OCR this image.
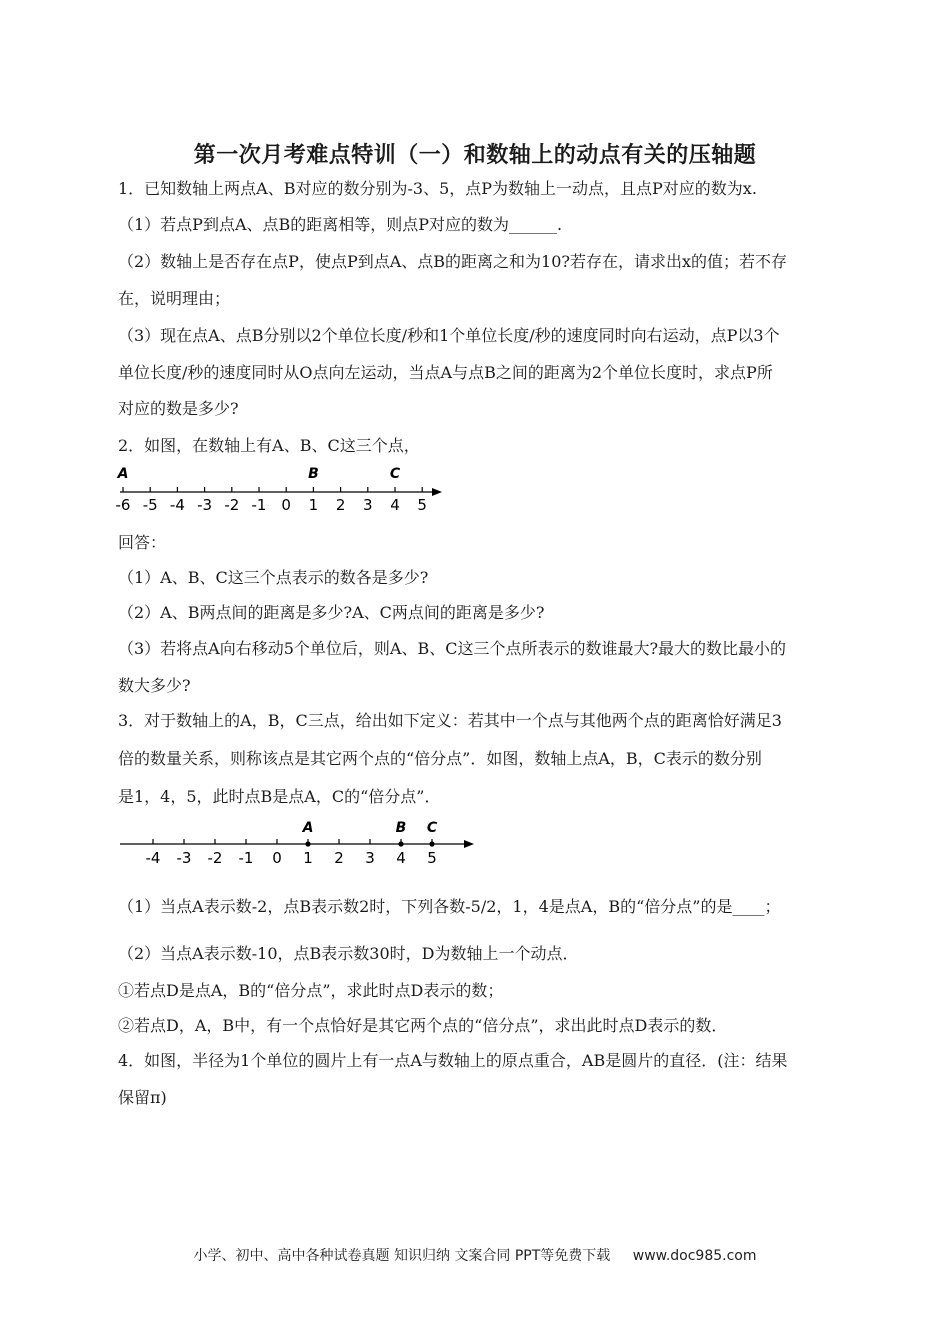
第一次月考难点特训（一）和数轴上的动点有关的压轴题
1．已知数轴上两点A、B对应的数分别为-3、5，点P为数轴上一动点，且点P对应的数为x.
（1）若点P到点A、点B的距离相等，则点P对应的数为______.
（2）数轴上是否存在点P，使点P到点A、点B的距离之和为10?若存在，请求出x的值；若不存
在，说明理由；
（3）现在点A、点B分别以2个单位长度/秒和1个单位长度/秒的速度同时向右运动，点P以3个
单位长度/秒的速度同时从O点向左运动，当点A与点B之间的距离为2个单位长度时，求点P所
对应的数是多少?
2．如图，在数轴上有A、B、C这三个点，
-6 -5 -4 -3 -2 -1 0 1 2 3 4 5
A	B	C
回答：
（1）A、B、C这三个点表示的数各是多少?
（2）A、B两点间的距离是多少?A、C两点间的距离是多少?
（3）若将点A向右移动5个单位后，则A、B、C这三个点所表示的数谁最大?最大的数比最小的
数大多少?
3．对于数轴上的A，B，C三点，给出如下定义：若其中一个点与其他两个点的距离恰好满足3
倍的数量关系，则称该点是其它两个点的“倍分点”．如图，数轴上点A，B，C表示的数分别
是1，4，5，此时点B是点A，C的“倍分点”．
-4 -3 -2 -1 0 1 2 3 4 5
A	B C
（1）当点A表示数-2，点B表示数2时，下列各数-5/2，1，4是点A，B的“倍分点”的是____；
（2）当点A表示数-10，点B表示数30时，D为数轴上一个动点．
①若点D是点A，B的“倍分点”，求此时点D表示的数；
②若点D，A，B中，有一个点恰好是其它两个点的“倍分点”，求出此时点D表示的数．
4．如图，半径为1个单位的圆片上有一点A与数轴上的原点重合，AB是圆片的直径．(注：结果
保留π)
小学、初中、高中各种试卷真题 知识归纳 文案合同 PPT等免费下载 www.doc985.com
